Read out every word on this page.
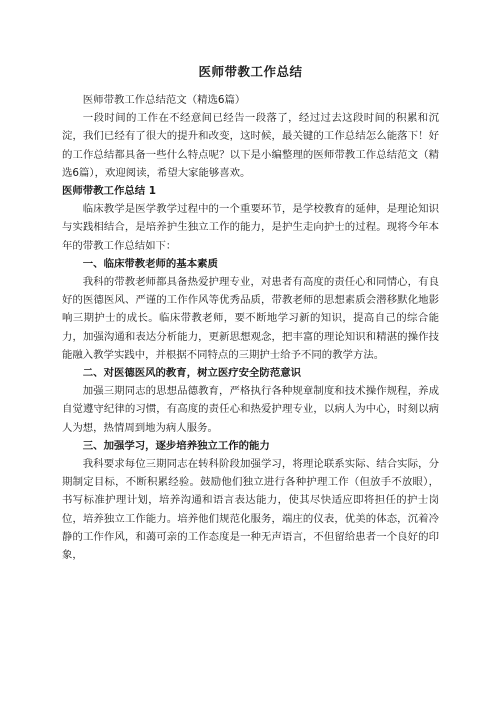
医师带教工作总结

医师带教工作总结范文（精选6篇）

一段时间的工作在不经意间已经告一段落了，经过过去这段时间的积累和沉淀，我们已经有了很大的提升和改变，这时候，最关键的工作总结怎么能落下！好的工作总结都具备一些什么特点呢？以下是小编整理的医师带教工作总结范文（精选6篇），欢迎阅读，希望大家能够喜欢。

医师带教工作总结 1

临床教学是医学教学过程中的一个重要环节，是学校教育的延伸，是理论知识与实践相结合，是培养护生独立工作的能力，是护生走向护士的过程。现将今年本年的带教工作总结如下：

一、临床带教老师的基本素质

我科的带教老师都具备热爱护理专业，对患者有高度的责任心和同情心，有良好的医德医风、严谨的工作作风等优秀品质，带教老师的思想素质会潜移默化地影响三期护士的成长。临床带教老师，要不断地学习新的知识，提高自己的综合能力，加强沟通和表达分析能力，更新思想观念，把丰富的理论知识和精湛的操作技能融入教学实践中，并根据不同特点的三期护士给予不同的教学方法。

二、对医德医风的教育，树立医疗安全防范意识

加强三期同志的思想品德教育，严格执行各种规章制度和技术操作规程，养成自觉遵守纪律的习惯，有高度的责任心和热爱护理专业，以病人为中心，时刻以病人为想，热情周到地为病人服务。

三、加强学习，逐步培养独立工作的能力

我科要求每位三期同志在转科阶段加强学习，将理论联系实际、结合实际，分期制定目标，不断积累经验。鼓励他们独立进行各种护理工作（但放手不放眼），书写标准护理计划，培养沟通和语言表达能力，使其尽快适应即将担任的护士岗位，培养独立工作能力。培养他们规范化服务，端庄的仪表，优美的体态，沉着冷静的工作作风，和蔼可亲的工作态度是一种无声语言，不但留给患者一个良好的印象，
